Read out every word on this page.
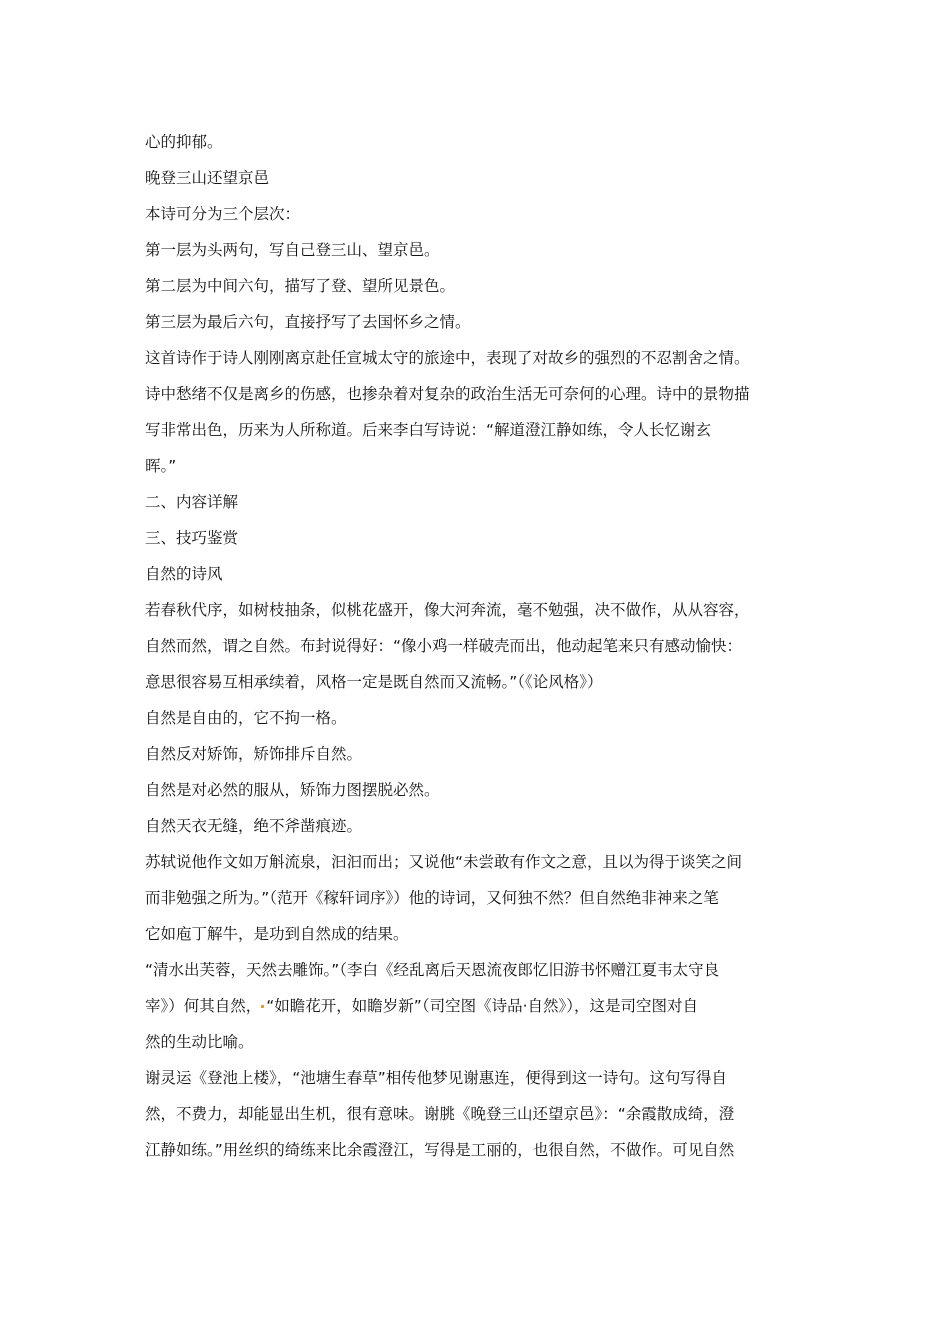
心的抑郁。

晚登三山还望京邑

本诗可分为三个层次：

第一层为头两句，写自己登三山、望京邑。

第二层为中间六句，描写了登、望所见景色。

第三层为最后六句，直接抒写了去国怀乡之情。

这首诗作于诗人刚刚离京赴任宣城太守的旅途中，表现了对故乡的强烈的不忍割舍之情。

诗中愁绪不仅是离乡的伤感，也掺杂着对复杂的政治生活无可奈何的心理。诗中的景物描

写非常出色，历来为人所称道。后来李白写诗说：“解道澄江静如练，令人长忆谢玄

晖。”

二、内容详解

三、技巧鉴赏

自然的诗风

若春秋代序，如树枝抽条，似桃花盛开，像大河奔流，毫不勉强，决不做作，从从容容，

自然而然，谓之自然。布封说得好：“像小鸡一样破壳而出，他动起笔来只有感动愉快：

意思很容易互相承续着，风格一定是既自然而又流畅。”（《论风格》）

自然是自由的，它不拘一格。

自然反对矫饰，矫饰排斥自然。

自然是对必然的服从，矫饰力图摆脱必然。

自然天衣无缝，绝不斧凿痕迹。

苏轼说他作文如万斛流泉，汩汩而出；又说他“未尝敢有作文之意，且以为得于谈笑之间

而非勉强之所为。”（范开《稼轩词序》）他的诗词，又何独不然？但自然绝非神来之笔

它如庖丁解牛，是功到自然成的结果。

“清水出芙蓉，天然去雕饰。”（李白《经乱离后天恩流夜郎忆旧游书怀赠江夏韦太守良

宰》）何其自然， “如瞻花开，如瞻岁新”（司空图《诗品·自然》），这是司空图对自

然的生动比喻。

谢灵运《登池上楼》，“池塘生春草”相传他梦见谢惠连，便得到这一诗句。这句写得自

然，不费力，却能显出生机，很有意味。谢朓《晚登三山还望京邑》：“余霞散成绮，澄

江静如练。”用丝织的绮练来比余霞澄江，写得是工丽的，也很自然，不做作。可见自然
